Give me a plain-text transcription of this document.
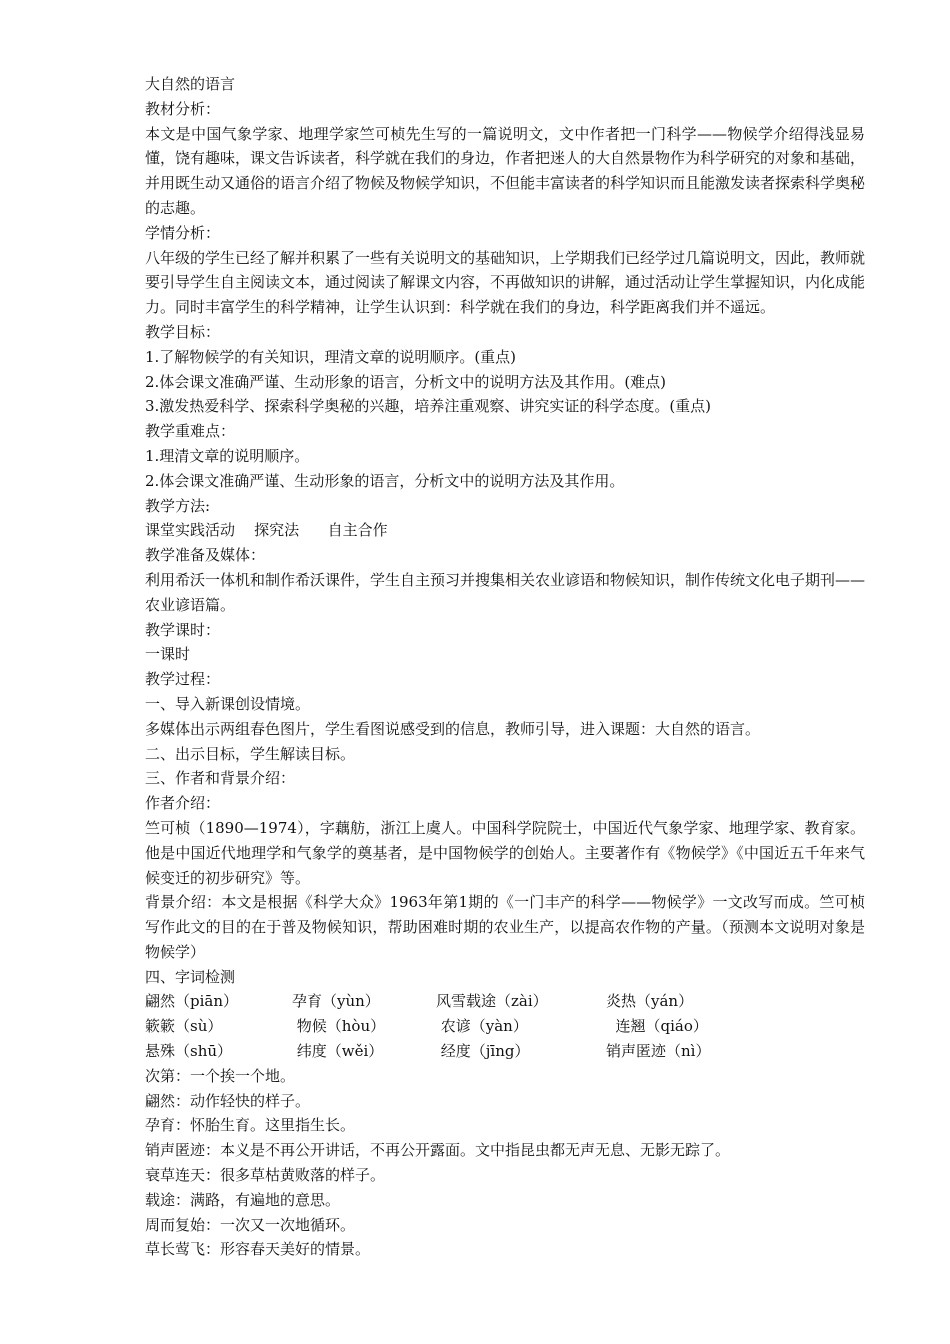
大自然的语言
教材分析：
本文是中国气象学家、地理学家竺可桢先生写的一篇说明文，文中作者把一门科学——物候学介绍得浅显易懂，饶有趣味，课文告诉读者，科学就在我们的身边，作者把迷人的大自然景物作为科学研究的对象和基础，并用既生动又通俗的语言介绍了物候及物候学知识，不但能丰富读者的科学知识而且能激发读者探索科学奥秘的志趣。
学情分析：
八年级的学生已经了解并积累了一些有关说明文的基础知识，上学期我们已经学过几篇说明文，因此，教师就要引导学生自主阅读文本，通过阅读了解课文内容，不再做知识的讲解，通过活动让学生掌握知识，内化成能力。同时丰富学生的科学精神，让学生认识到：科学就在我们的身边，科学距离我们并不遥远。
教学目标：
1.了解物候学的有关知识，理清文章的说明顺序。(重点)
2.体会课文准确严谨、生动形象的语言，分析文中的说明方法及其作用。(难点)
3.激发热爱科学、探索科学奥秘的兴趣，培养注重观察、讲究实证的科学态度。(重点)
教学重难点：
1.理清文章的说明顺序。
2.体会课文准确严谨、生动形象的语言，分析文中的说明方法及其作用。
教学方法:
课堂实践活动    探究法      自主合作
教学准备及媒体：
利用希沃一体机和制作希沃课件，学生自主预习并搜集相关农业谚语和物候知识，制作传统文化电子期刊——农业谚语篇。
教学课时：
一课时
教学过程：
一、导入新课创设情境。
多媒体出示两组春色图片，学生看图说感受到的信息，教师引导，进入课题：大自然的语言。
二、出示目标，学生解读目标。
三、作者和背景介绍：
作者介绍：
竺可桢（1890—1974），字藕舫，浙江上虞人。中国科学院院士，中国近代气象学家、地理学家、教育家。他是中国近代地理学和气象学的奠基者，是中国物候学的创始人。主要著作有《物候学》《中国近五千年来气候变迁的初步研究》等。
背景介绍：本文是根据《科学大众》1963年第1期的《一门丰产的科学——物候学》一文改写而成。竺可桢写作此文的目的在于普及物候知识，帮助困难时期的农业生产，以提高农作物的产量。（预测本文说明对象是物候学）
四、字词检测
翩然（piān）	孕育（yùn）	风雪载途（zài）	炎热（yán）
簌簌（sù）	物候（hòu）	农谚（yàn）	连翘（qiáo）
悬殊（shū）	纬度（wěi）	经度（jīng）	销声匿迹（nì）
次第：一个挨一个地。
翩然：动作轻快的样子。
孕育：怀胎生育。这里指生长。
销声匿迹：本义是不再公开讲话，不再公开露面。文中指昆虫都无声无息、无影无踪了。
衰草连天：很多草枯黄败落的样子。
载途：满路，有遍地的意思。
周而复始：一次又一次地循环。
草长莺飞：形容春天美好的情景。
